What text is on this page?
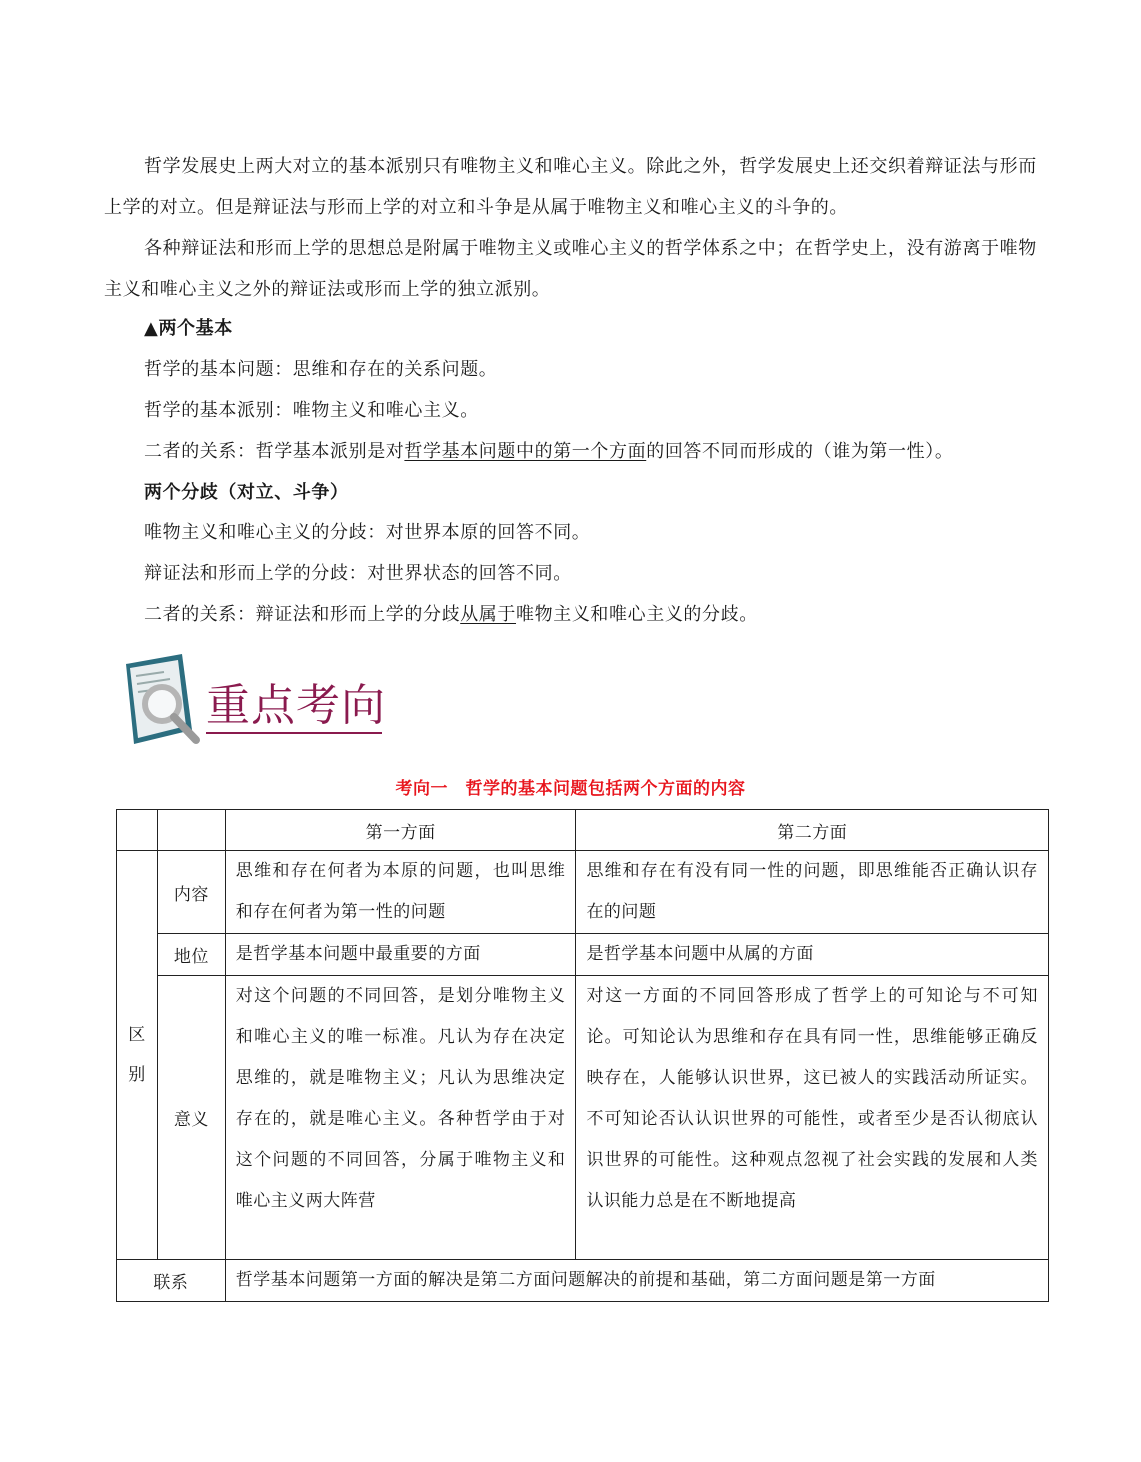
哲学发展史上两大对立的基本派别只有唯物主义和唯心主义。除此之外，哲学发展史上还交织着辩证法与形而上学的对立。但是辩证法与形而上学的对立和斗争是从属于唯物主义和唯心主义的斗争的。

各种辩证法和形而上学的思想总是附属于唯物主义或唯心主义的哲学体系之中；在哲学史上，没有游离于唯物主义和唯心主义之外的辩证法或形而上学的独立派别。

▲两个基本
哲学的基本问题：思维和存在的关系问题。
哲学的基本派别：唯物主义和唯心主义。
二者的关系：哲学基本派别是对哲学基本问题中的第一个方面的回答不同而形成的（谁为第一性）。
两个分歧（对立、斗争）
唯物主义和唯心主义的分歧：对世界本原的回答不同。
辩证法和形而上学的分歧：对世界状态的回答不同。
二者的关系：辩证法和形而上学的分歧从属于唯物主义和唯心主义的分歧。
重点考向
考向一　哲学的基本问题包括两个方面的内容
		第一方面	第二方面

区
别	内容	思维和存在何者为本原的问题，也叫思维和存在何者为第一性的问题	思维和存在有没有同一性的问题，即思维能否正确认识存在的问题
	地位	是哲学基本问题中最重要的方面	是哲学基本问题中从属的方面
	意义	对这个问题的不同回答，是划分唯物主义和唯心主义的唯一标准。凡认为存在决定思维的，就是唯物主义；凡认为思维决定存在的，就是唯心主义。各种哲学由于对这个问题的不同回答，分属于唯物主义和唯心主义两大阵营	对这一方面的不同回答形成了哲学上的可知论与不可知论。可知论认为思维和存在具有同一性，思维能够正确反映存在，人能够认识世界，这已被人的实践活动所证实。不可知论否认认识世界的可能性，或者至少是否认彻底认识世界的可能性。这种观点忽视了社会实践的发展和人类认识能力总是在不断地提高
联系		哲学基本问题第一方面的解决是第二方面问题解决的前提和基础，第二方面问题是第一方面	
